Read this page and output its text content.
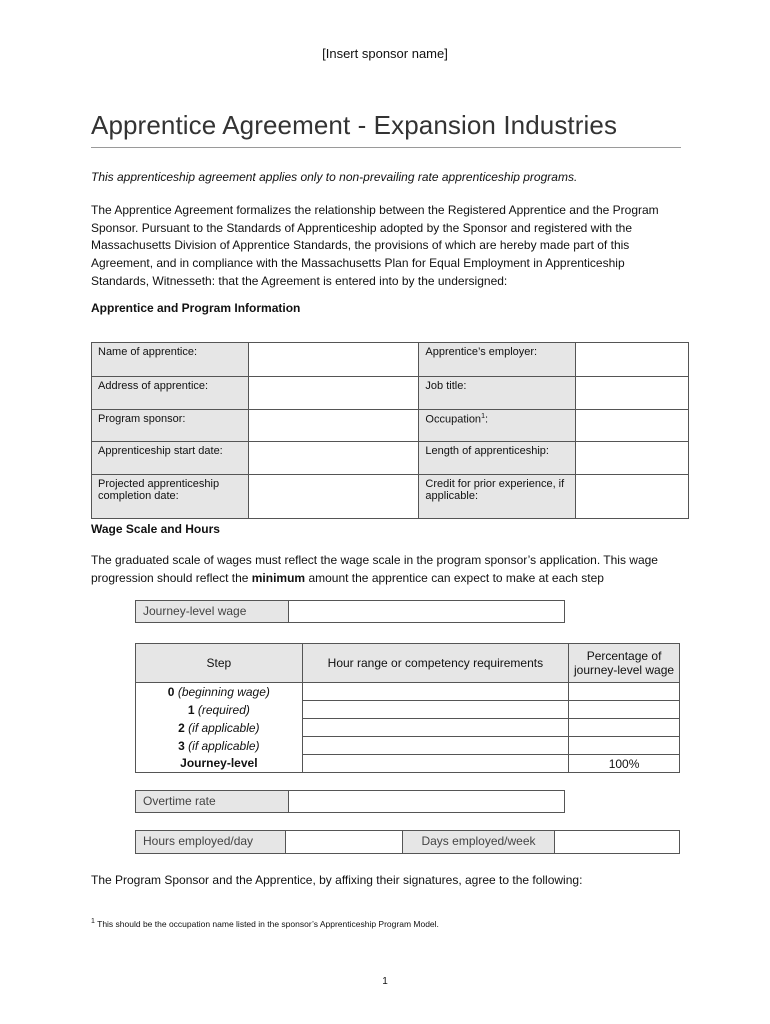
[Insert sponsor name]
Apprentice Agreement - Expansion Industries
This apprenticeship agreement applies only to non-prevailing rate apprenticeship programs.
The Apprentice Agreement formalizes the relationship between the Registered Apprentice and the Program Sponsor. Pursuant to the Standards of Apprenticeship adopted by the Sponsor and registered with the Massachusetts Division of Apprentice Standards, the provisions of which are hereby made part of this Agreement, and in compliance with the Massachusetts Plan for Equal Employment in Apprenticeship Standards, Witnesseth: that the Agreement is entered into by the undersigned:
Apprentice and Program Information
Name of apprentice:		Apprentice’s employer:	
Address of apprentice:		Job title:	
Program sponsor:		Occupation$^1$:	
Apprenticeship start date:		Length of apprenticeship:	
Projected apprenticeship completion date:		Credit for prior experience, if applicable:	
Wage Scale and Hours
The graduated scale of wages must reflect the wage scale in the program sponsor’s application. This wage progression should reflect the minimum amount the apprentice can expect to make at each step
Journey-level wage
Step	Hour range or competency requirements	Percentage of journey-level wage
0 (beginning wage)		
1 (required)		
2 (if applicable)		
3 (if applicable)		
Journey-level		100%
Overtime rate
Hours employed/day	Days employed/week
The Program Sponsor and the Apprentice, by affixing their signatures, agree to the following:
$^1$ This should be the occupation name listed in the sponsor’s Apprenticeship Program Model.
1
